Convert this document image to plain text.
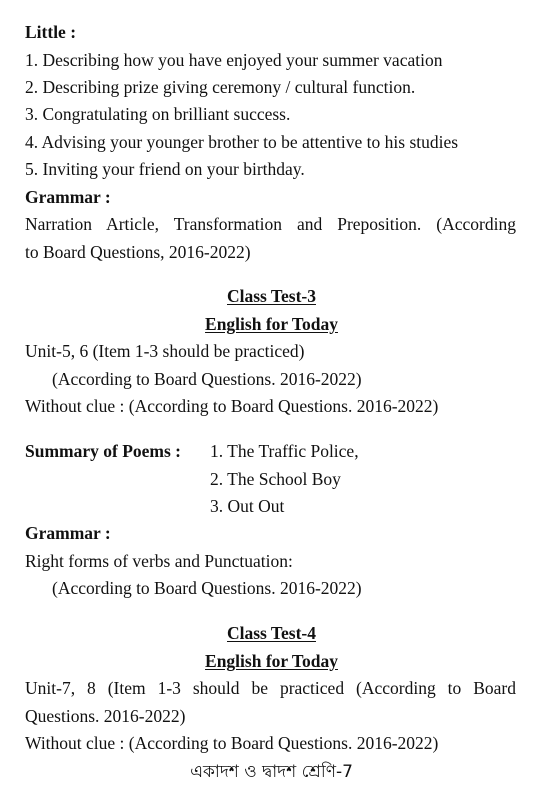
Little :
1. Describing how you have enjoyed your summer vacation
2. Describing prize giving ceremony / cultural function.
3. Congratulating on brilliant success.
4. Advising your younger brother to be attentive to his studies
5. Inviting your friend on your birthday.
Grammar :
Narration Article, Transformation and Preposition. (According
to Board Questions, 2016-2022)
Class Test-3
English for Today
Unit-5, 6 (Item 1-3 should be practiced)
(According to Board Questions. 2016-2022)
Without clue : (According to Board Questions. 2016-2022)
Summary of Poems : 1. The Traffic Police,
2. The School Boy
3. Out Out
Grammar :
Right forms of verbs and Punctuation:
(According to Board Questions. 2016-2022)
Class Test-4
English for Today
Unit-7, 8 (Item 1-3 should be practiced (According to Board
Questions. 2016-2022)
Without clue : (According to Board Questions. 2016-2022)
একাদশ ও দ্বাদশ শ্রেণি-7
